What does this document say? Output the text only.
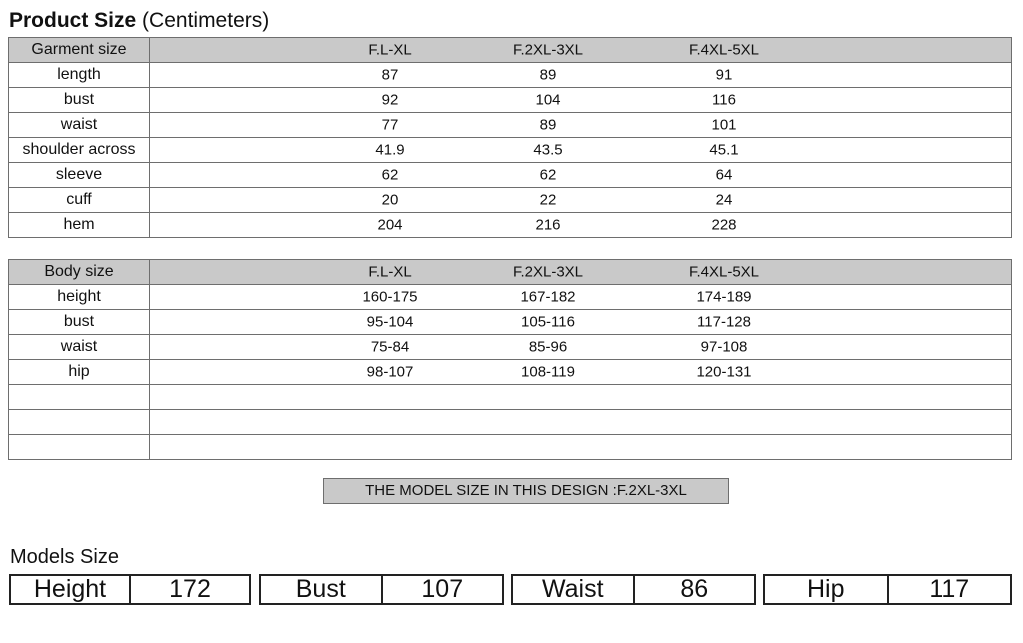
Product Size (Centimeters)
Garment size	F.L-XL F.2XL-3XL F.4XL-5XL

length	87 89 91

bust	92 104 116

waist	77 89 101

shoulder across	41.9 43.5 45.1

sleeve	62 62 64

cuff	20 22 24

hem	204 216 228
Body size	F.L-XL F.2XL-3XL F.4XL-5XL

height	160-175 167-182 174-189

bust	95-104 105-116 117-128

waist	75-84 85-96 97-108

hip	98-107 108-119 120-131

THE MODEL SIZE IN THIS DESIGN :F.2XL-3XL
Models Size
Height	172	Bust	107	Waist	86	Hip	117
